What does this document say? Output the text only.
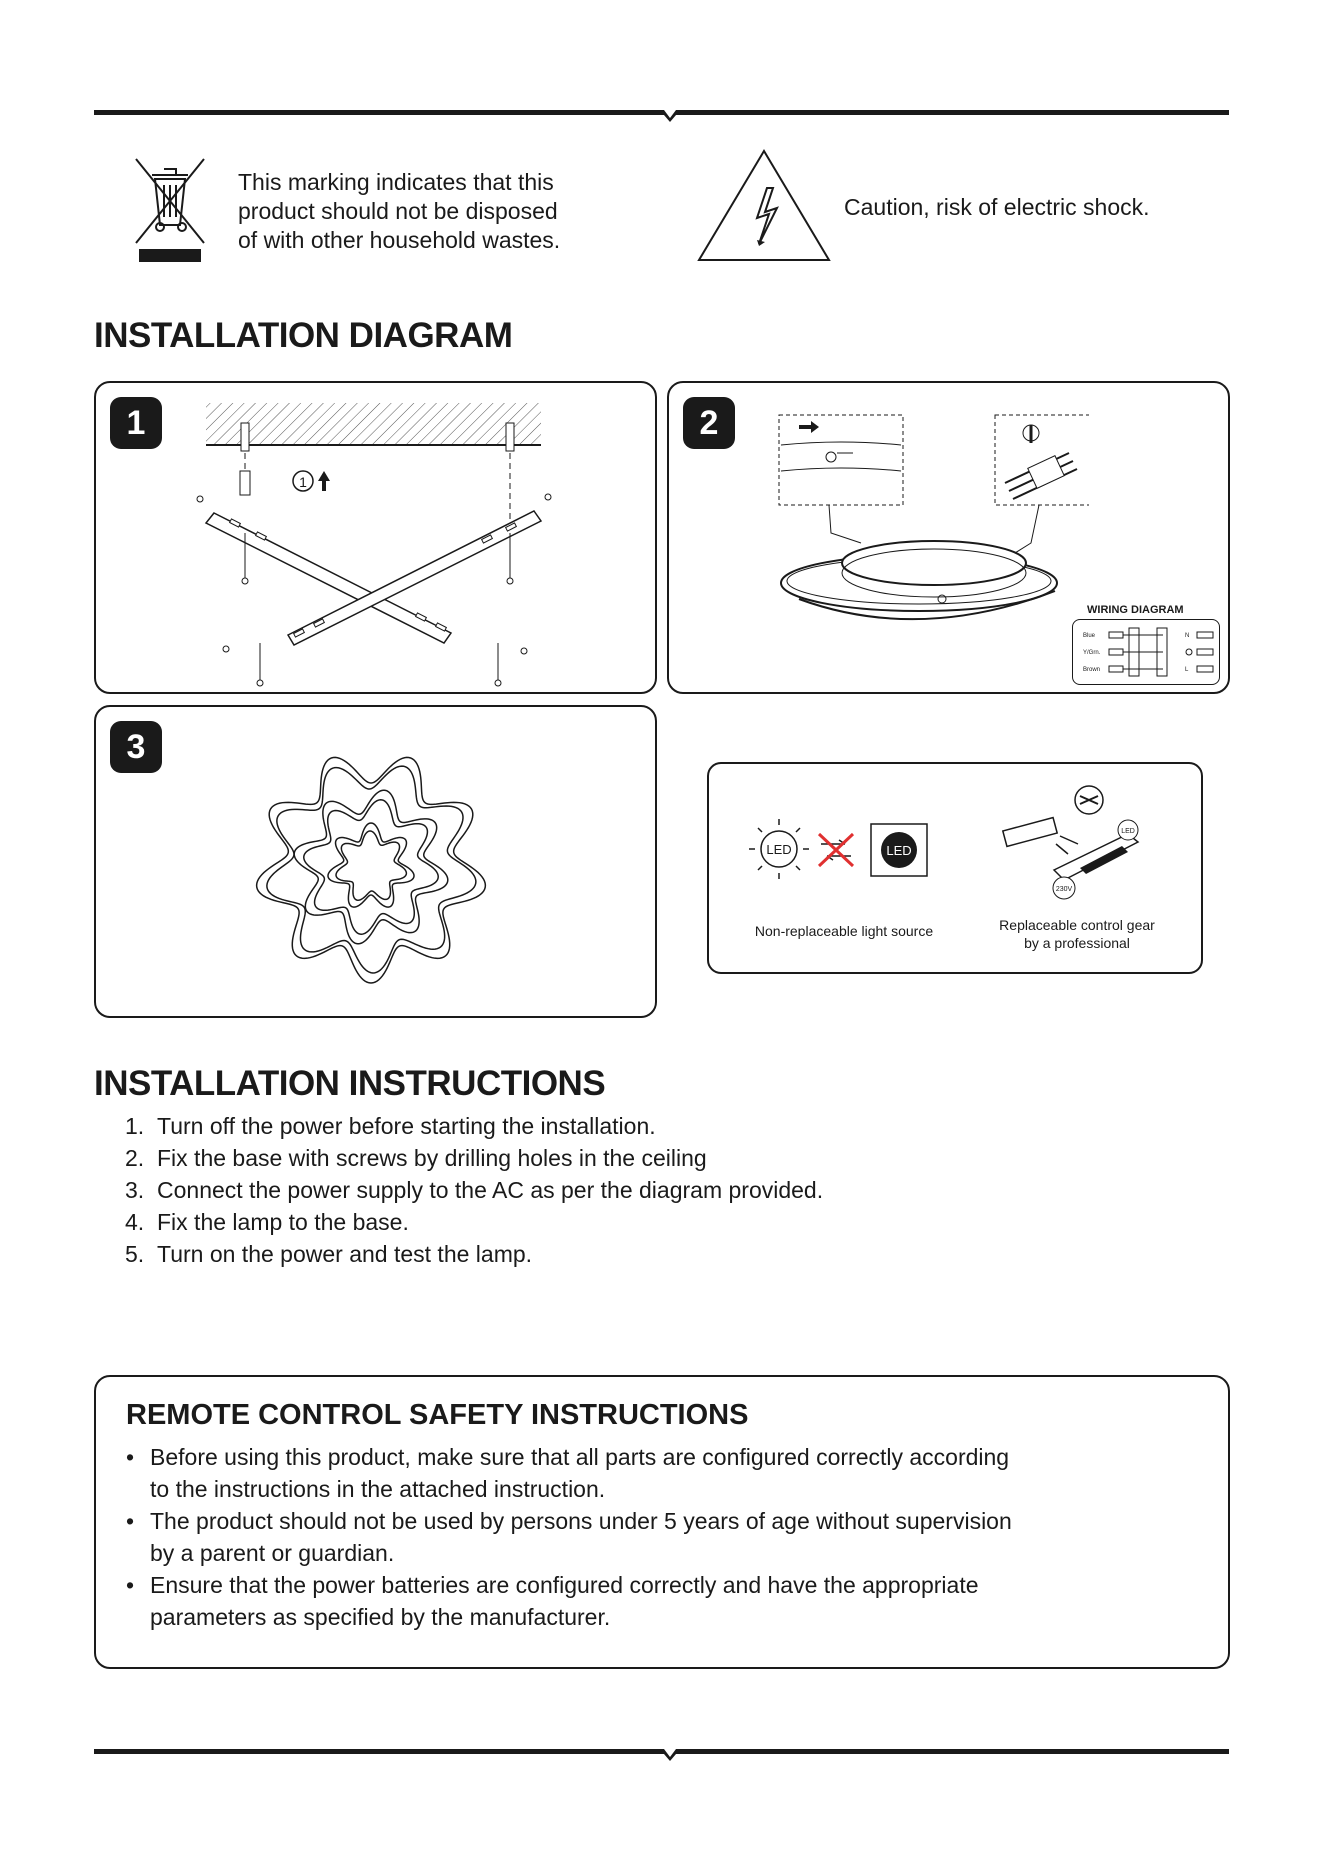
This marking indicates that this
product should not be disposed
of with other household wastes.
Caution, risk of electric shock.
INSTALLATION DIAGRAM
1
1
2
WIRING DIAGRAM
Blue
Y/Grn.
Brown
N
L
3
LED	LED
LED
230V
Non-replaceable light source	Replaceable control gear
by a professional
INSTALLATION INSTRUCTIONS
1. Turn off the power before starting the installation.
2. Fix the base with screws by drilling holes in the ceiling
3. Connect the power supply to the AC as per the diagram provided.
4. Fix the lamp to the base.
5. Turn on the power and test the lamp.
REMOTE CONTROL SAFETY INSTRUCTIONS
• Before using this product, make sure that all parts are configured correctly according
to the instructions in the attached instruction.
• The product should not be used by persons under 5 years of age without supervision
by a parent or guardian.
• Ensure that the power batteries are configured correctly and have the appropriate
parameters as specified by the manufacturer.
